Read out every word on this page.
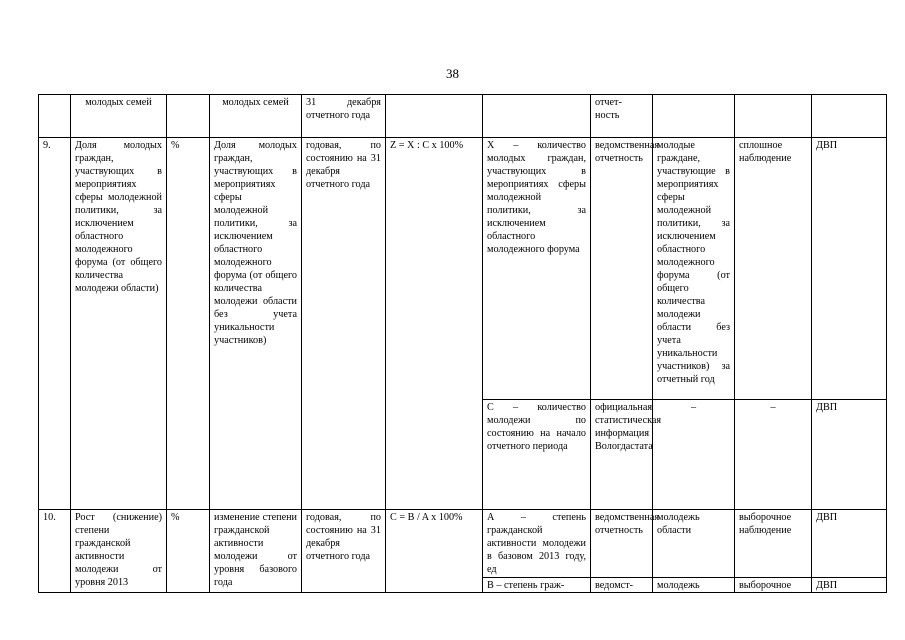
38
	молодых семей		молодых семей	31 декабря отчетного года			отчет-
ность			
9.	Доля молодых граждан, участвующих в мероприятиях сферы молодежной политики, за исключением областного молодежного форума (от общего количества молодежи области)	%	Доля молодых граждан, участвующих в мероприятиях сферы молодежной политики, за исключением областного молодежного форума (от общего количества молодежи области без учета уникальности участников)	годовая, по состоянию на 31 декабря отчетного года	Z = X : C x 100%	X – количество молодых граждан, участвующих в мероприятиях сферы молодежной политики, за исключением областного молодежного форума	ведомственная отчетность	молодые граждане, участвующие в мероприятиях сферы молодежной политики, за исключением областного молодежного форума (от общего количества молодежи области без учета уникальности участников) за отчетный год	сплошное наблюдение	ДВП
						С – количество молодежи по состоянию на начало отчетного периода	официальная статистическая информация Вологдастата	–	–	ДВП
10.	Рост (снижение) степени гражданской активности молодежи от уровня 2013	%	изменение степени гражданской активности молодежи от уровня базового года	годовая, по состоянию на 31 декабря отчетного года	C = B / A x 100%	А – степень гражданской активности молодежи в базовом 2013 году, ед	ведомственная отчетность	молодежь области	выборочное наблюдение	ДВП
						B – степень граж-	ведомст-	молодежь	выборочное	ДВП
